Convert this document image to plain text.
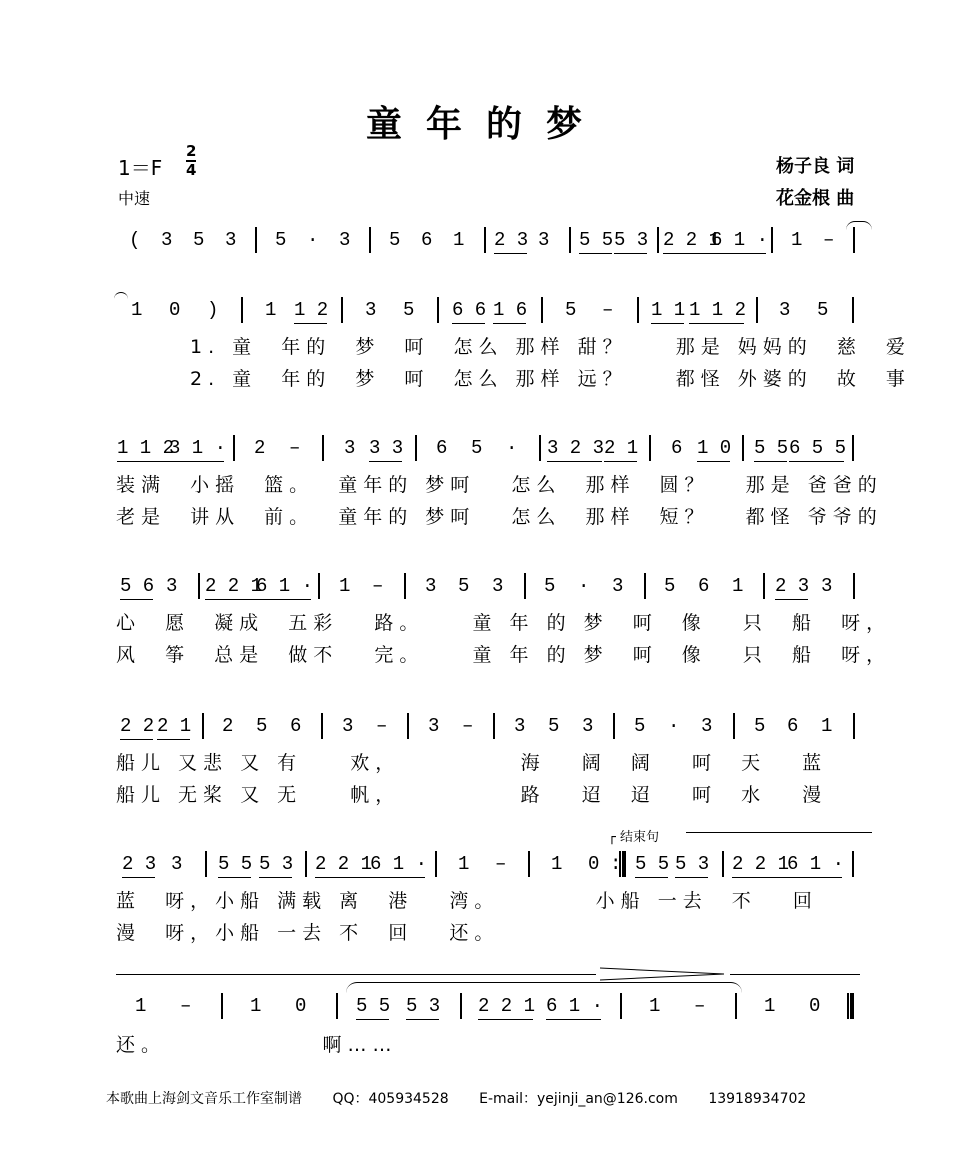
童年的梦
1＝F
2
4
中速
杨子良 词
花金根 曲
( 3 5 3 5 · 3 5 6 1 2 3 3 5 5 5 3 2 2 1
6 1 · 1 –
1 0 ) 1 1 2 3 5 6 6 1 6 5 – 1 1 1 1 2 3 5
1 1 2
3 1 · 2 – 3 3 3 6 5 · 3 2 3 2 1 6 1 0 5 5 6 5 5
5 6 3 2 2 1
6 1 · 1 – 3 5 3 5 · 3 5 6 1 2 3 3
2 2 2 1 2 5 6 3 – 3 – 3 5 3 5 · 3 5 6 1
2 3 3 5 5 5 3 2 2 1
6 1 · 1 – 1 0 : 5 5 5 3 2 2 1
6 1 ·
1 –	1 0	5 5 5 3 2 2 1 6 1 · 1 –	1 0
┌ 结束句
本歌曲上海剑文音乐工作室制谱 QQ：405934528 E-mail：yejinji_an@126.com 13918934702
1. 童  年的  梦  呵  怎么 那样 甜？    那是 妈妈的  慈  爱
2. 童  年的  梦  呵  怎么 那样 远？    都怪 外婆的  故  事
装满  小摇  篮。  童年的 梦呵   怎么  那样  圆？   那是 爸爸的
老是  讲从  前。  童年的 梦呵   怎么  那样  短？   都怪 爷爷的
心  愿  凝成  五彩   路。    童 年 的 梦  呵  像   只  船  呀，
风  筝  总是  做不   完。    童 年 的 梦  呵  像   只  船  呀，
船儿 又悲 又 有    欢，          海   阔  阔   呵  天   蓝
船儿 无桨 又 无    帆，          路   迢  迢   呵  水   漫
蓝  呀，小船 满载 离  港   湾。        小船 一去  不   回
漫  呀，小船 一去 不  回   还。
还。             啊……
